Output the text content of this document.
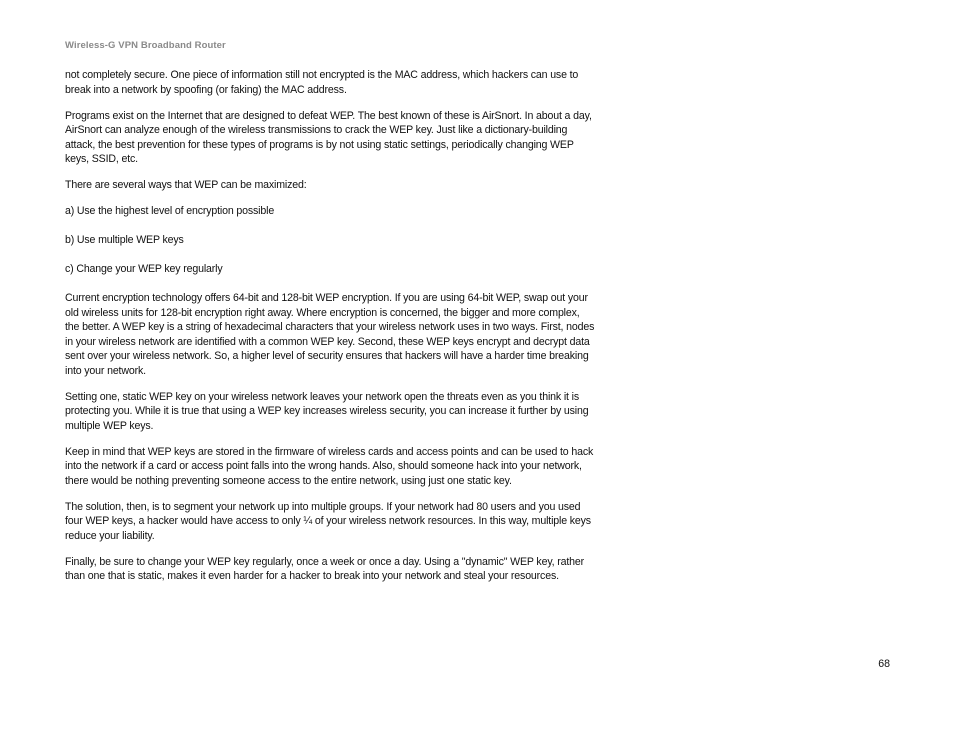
Wireless-G VPN Broadband Router

not completely secure. One piece of information still not encrypted is the MAC address, which hackers can use to break into a network by spoofing (or faking) the MAC address.

Programs exist on the Internet that are designed to defeat WEP. The best known of these is AirSnort. In about a day, AirSnort can analyze enough of the wireless transmissions to crack the WEP key. Just like a dictionary-building attack, the best prevention for these types of programs is by not using static settings, periodically changing WEP keys, SSID, etc.

There are several ways that WEP can be maximized:

a) Use the highest level of encryption possible

b) Use multiple WEP keys

c) Change your WEP key regularly

Current encryption technology offers 64-bit and 128-bit WEP encryption. If you are using 64-bit WEP, swap out your old wireless units for 128-bit encryption right away. Where encryption is concerned, the bigger and more complex, the better. A WEP key is a string of hexadecimal characters that your wireless network uses in two ways. First, nodes in your wireless network are identified with a common WEP key. Second, these WEP keys encrypt and decrypt data sent over your wireless network. So, a higher level of security ensures that hackers will have a harder time breaking into your network.

Setting one, static WEP key on your wireless network leaves your network open the threats even as you think it is protecting you. While it is true that using a WEP key increases wireless security, you can increase it further by using multiple WEP keys.

Keep in mind that WEP keys are stored in the firmware of wireless cards and access points and can be used to hack into the network if a card or access point falls into the wrong hands. Also, should someone hack into your network, there would be nothing preventing someone access to the entire network, using just one static key.

The solution, then, is to segment your network up into multiple groups. If your network had 80 users and you used four WEP keys, a hacker would have access to only ¼ of your wireless network resources. In this way, multiple keys reduce your liability.

Finally, be sure to change your WEP key regularly, once a week or once a day. Using a "dynamic" WEP key, rather than one that is static, makes it even harder for a hacker to break into your network and steal your resources.

68
